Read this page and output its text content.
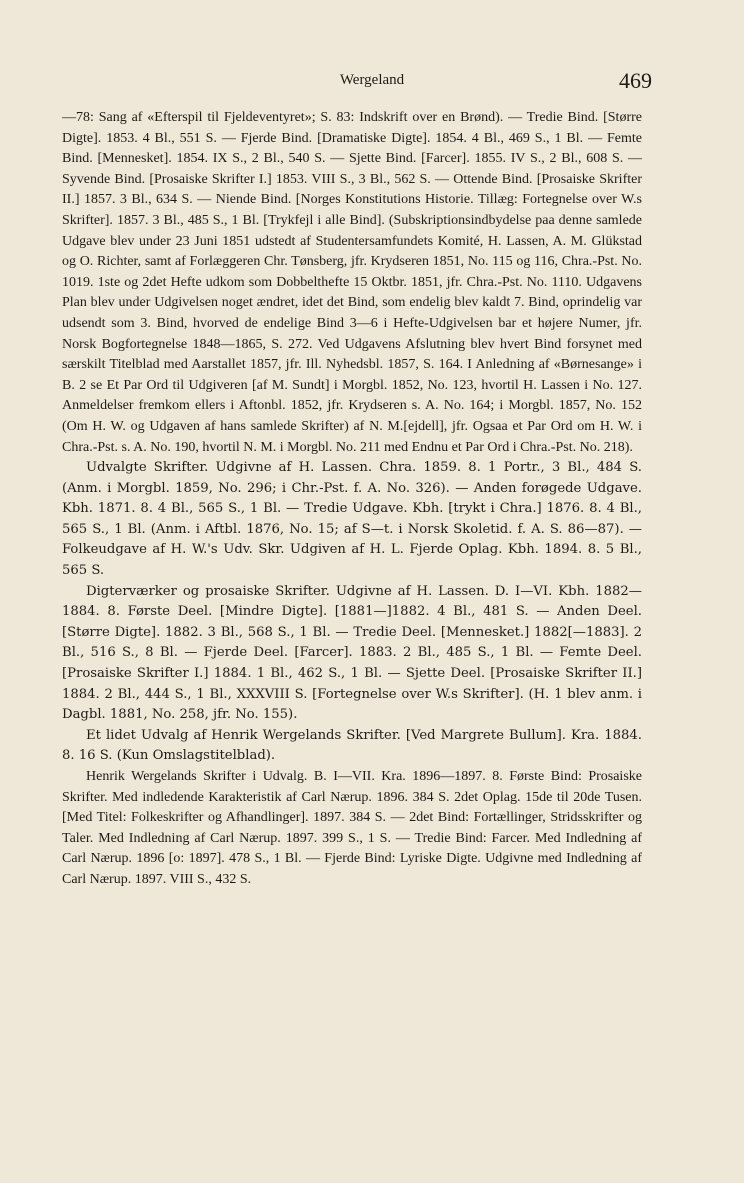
Wergeland	469

—78: Sang af «Efterspil til Fjeldeventyret»; S. 83: Indskrift over en Brønd). — Tredie Bind. [Større Digte]. 1853. 4 Bl., 551 S. — Fjerde Bind. [Dramatiske Digte]. 1854. 4 Bl., 469 S., 1 Bl. — Femte Bind. [Mennesket]. 1854. IX S., 2 Bl., 540 S. — Sjette Bind. [Farcer]. 1855. IV S., 2 Bl., 608 S. — Syvende Bind. [Prosaiske Skrifter I.] 1853. VIII S., 3 Bl., 562 S. — Ottende Bind. [Prosaiske Skrifter II.] 1857. 3 Bl., 634 S. — Niende Bind. [Norges Konstitutions Historie. Tillæg: Fortegnelse over W.s Skrifter]. 1857. 3 Bl., 485 S., 1 Bl. [Trykfejl i alle Bind]. (Subskriptionsindbydelse paa denne samlede Udgave blev under 23 Juni 1851 udstedt af Studentersamfundets Komité, H. Lassen, A. M. Glükstad og O. Richter, samt af Forlæggeren Chr. Tønsberg, jfr. Krydseren 1851, No. 115 og 116, Chra.-Pst. No. 1019. 1ste og 2det Hefte udkom som Dobbelthefte 15 Oktbr. 1851, jfr. Chra.-Pst. No. 1110. Udgavens Plan blev under Udgivelsen noget ændret, idet det Bind, som endelig blev kaldt 7. Bind, oprindelig var udsendt som 3. Bind, hvorved de endelige Bind 3—6 i Hefte-Udgivelsen bar et højere Numer, jfr. Norsk Bogfortegnelse 1848—1865, S. 272. Ved Udgavens Afslutning blev hvert Bind forsynet med særskilt Titelblad med Aarstallet 1857, jfr. Ill. Nyhedsbl. 1857, S. 164. I Anledning af «Børnesange» i B. 2 se Et Par Ord til Udgiveren [af M. Sundt] i Morgbl. 1852, No. 123, hvortil H. Lassen i No. 127. Anmeldelser fremkom ellers i Aftonbl. 1852, jfr. Krydseren s. A. No. 164; i Morgbl. 1857, No. 152 (Om H. W. og Udgaven af hans samlede Skrifter) af N. M.[ejdell], jfr. Ogsaa et Par Ord om H. W. i Chra.-Pst. s. A. No. 190, hvortil N. M. i Morgbl. No. 211 med Endnu et Par Ord i Chra.-Pst. No. 218).

Udvalgte Skrifter. Udgivne af H. Lassen. Chra. 1859. 8. 1 Portr., 3 Bl., 484 S. (Anm. i Morgbl. 1859, No. 296; i Chr.-Pst. f. A. No. 326). — Anden forøgede Udgave. Kbh. 1871. 8. 4 Bl., 565 S., 1 Bl. — Tredie Udgave. Kbh. [trykt i Chra.] 1876. 8. 4 Bl., 565 S., 1 Bl. (Anm. i Aftbl. 1876, No. 15; af S—t. i Norsk Skoletid. f. A. S. 86—87). — Folkeudgave af H. W.'s Udv. Skr. Udgiven af H. L. Fjerde Oplag. Kbh. 1894. 8. 5 Bl., 565 S.

Digterværker og prosaiske Skrifter. Udgivne af H. Lassen. D. I—VI. Kbh. 1882—1884. 8. Første Deel. [Mindre Digte]. [1881—]1882. 4 Bl., 481 S. — Anden Deel. [Større Digte]. 1882. 3 Bl., 568 S., 1 Bl. — Tredie Deel. [Mennesket.] 1882[—1883]. 2 Bl., 516 S., 8 Bl. — Fjerde Deel. [Farcer]. 1883. 2 Bl., 485 S., 1 Bl. — Femte Deel. [Prosaiske Skrifter I.] 1884. 1 Bl., 462 S., 1 Bl. — Sjette Deel. [Prosaiske Skrifter II.] 1884. 2 Bl., 444 S., 1 Bl., XXXVIII S. [Fortegnelse over W.s Skrifter]. (H. 1 blev anm. i Dagbl. 1881, No. 258, jfr. No. 155).

Et lidet Udvalg af Henrik Wergelands Skrifter. [Ved Margrete Bullum]. Kra. 1884. 8. 16 S. (Kun Omslagstitelblad).

Henrik Wergelands Skrifter i Udvalg. B. I—VII. Kra. 1896—1897. 8. Første Bind: Prosaiske Skrifter. Med indledende Karakteristik af Carl Nærup. 1896. 384 S. 2det Oplag. 15de til 20de Tusen. [Med Titel: Folkeskrifter og Afhandlinger]. 1897. 384 S. — 2det Bind: Fortællinger, Stridsskrifter og Taler. Med Indledning af Carl Nærup. 1897. 399 S., 1 S. — Tredie Bind: Farcer. Med Indledning af Carl Nærup. 1896 [o: 1897]. 478 S., 1 Bl. — Fjerde Bind: Lyriske Digte. Udgivne med Indledning af Carl Nærup. 1897. VIII S., 432 S.
